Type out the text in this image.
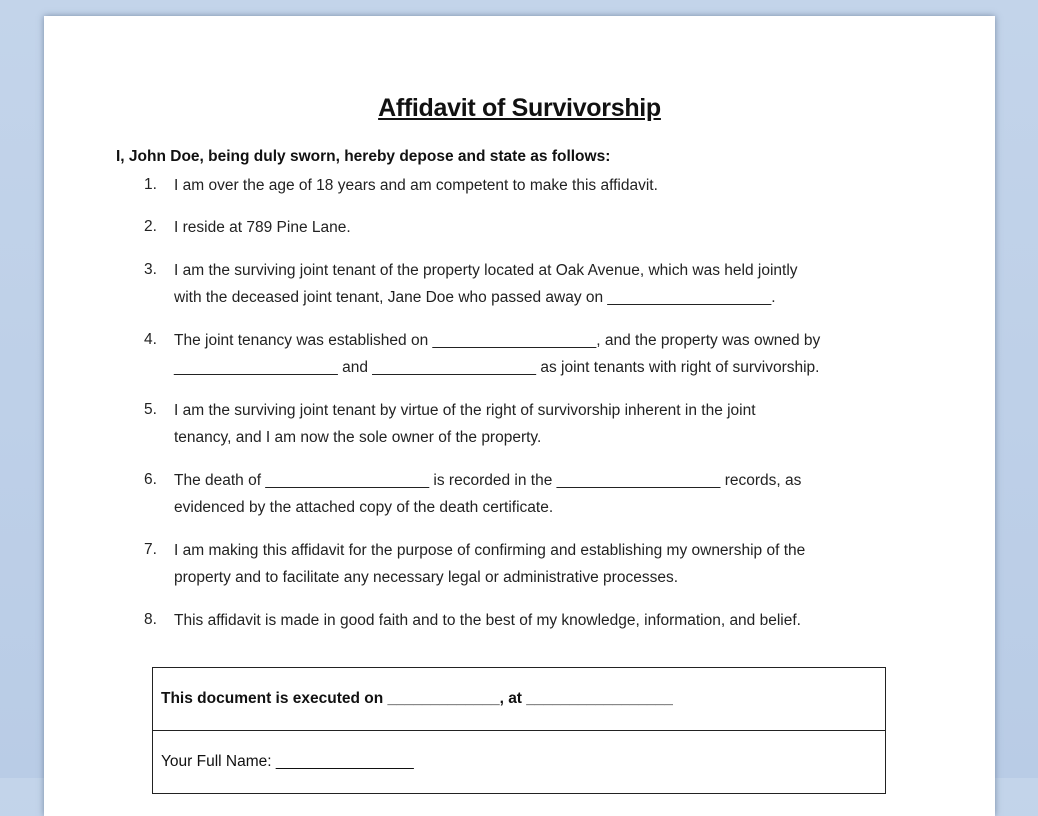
Affidavit of Survivorship
I, John Doe, being duly sworn, hereby depose and state as follows:
1.	I am over the age of 18 years and am competent to make this affidavit.
2.	I reside at 789 Pine Lane.
3.	I am the surviving joint tenant of the property located at Oak Avenue, which was held jointly
with the deceased joint tenant, Jane Doe who passed away on ___________________.
4.	The joint tenancy was established on ___________________, and the property was owned by
___________________ and ___________________ as joint tenants with right of survivorship.
5.	I am the surviving joint tenant by virtue of the right of survivorship inherent in the joint
tenancy, and I am now the sole owner of the property.
6.	The death of ___________________ is recorded in the ___________________ records, as
evidenced by the attached copy of the death certificate.
7.	I am making this affidavit for the purpose of confirming and establishing my ownership of the
property and to facilitate any necessary legal or administrative processes.
8.	This affidavit is made in good faith and to the best of my knowledge, information, and belief.
This document is executed on _____________, at _________________
Your Full Name: ________________
